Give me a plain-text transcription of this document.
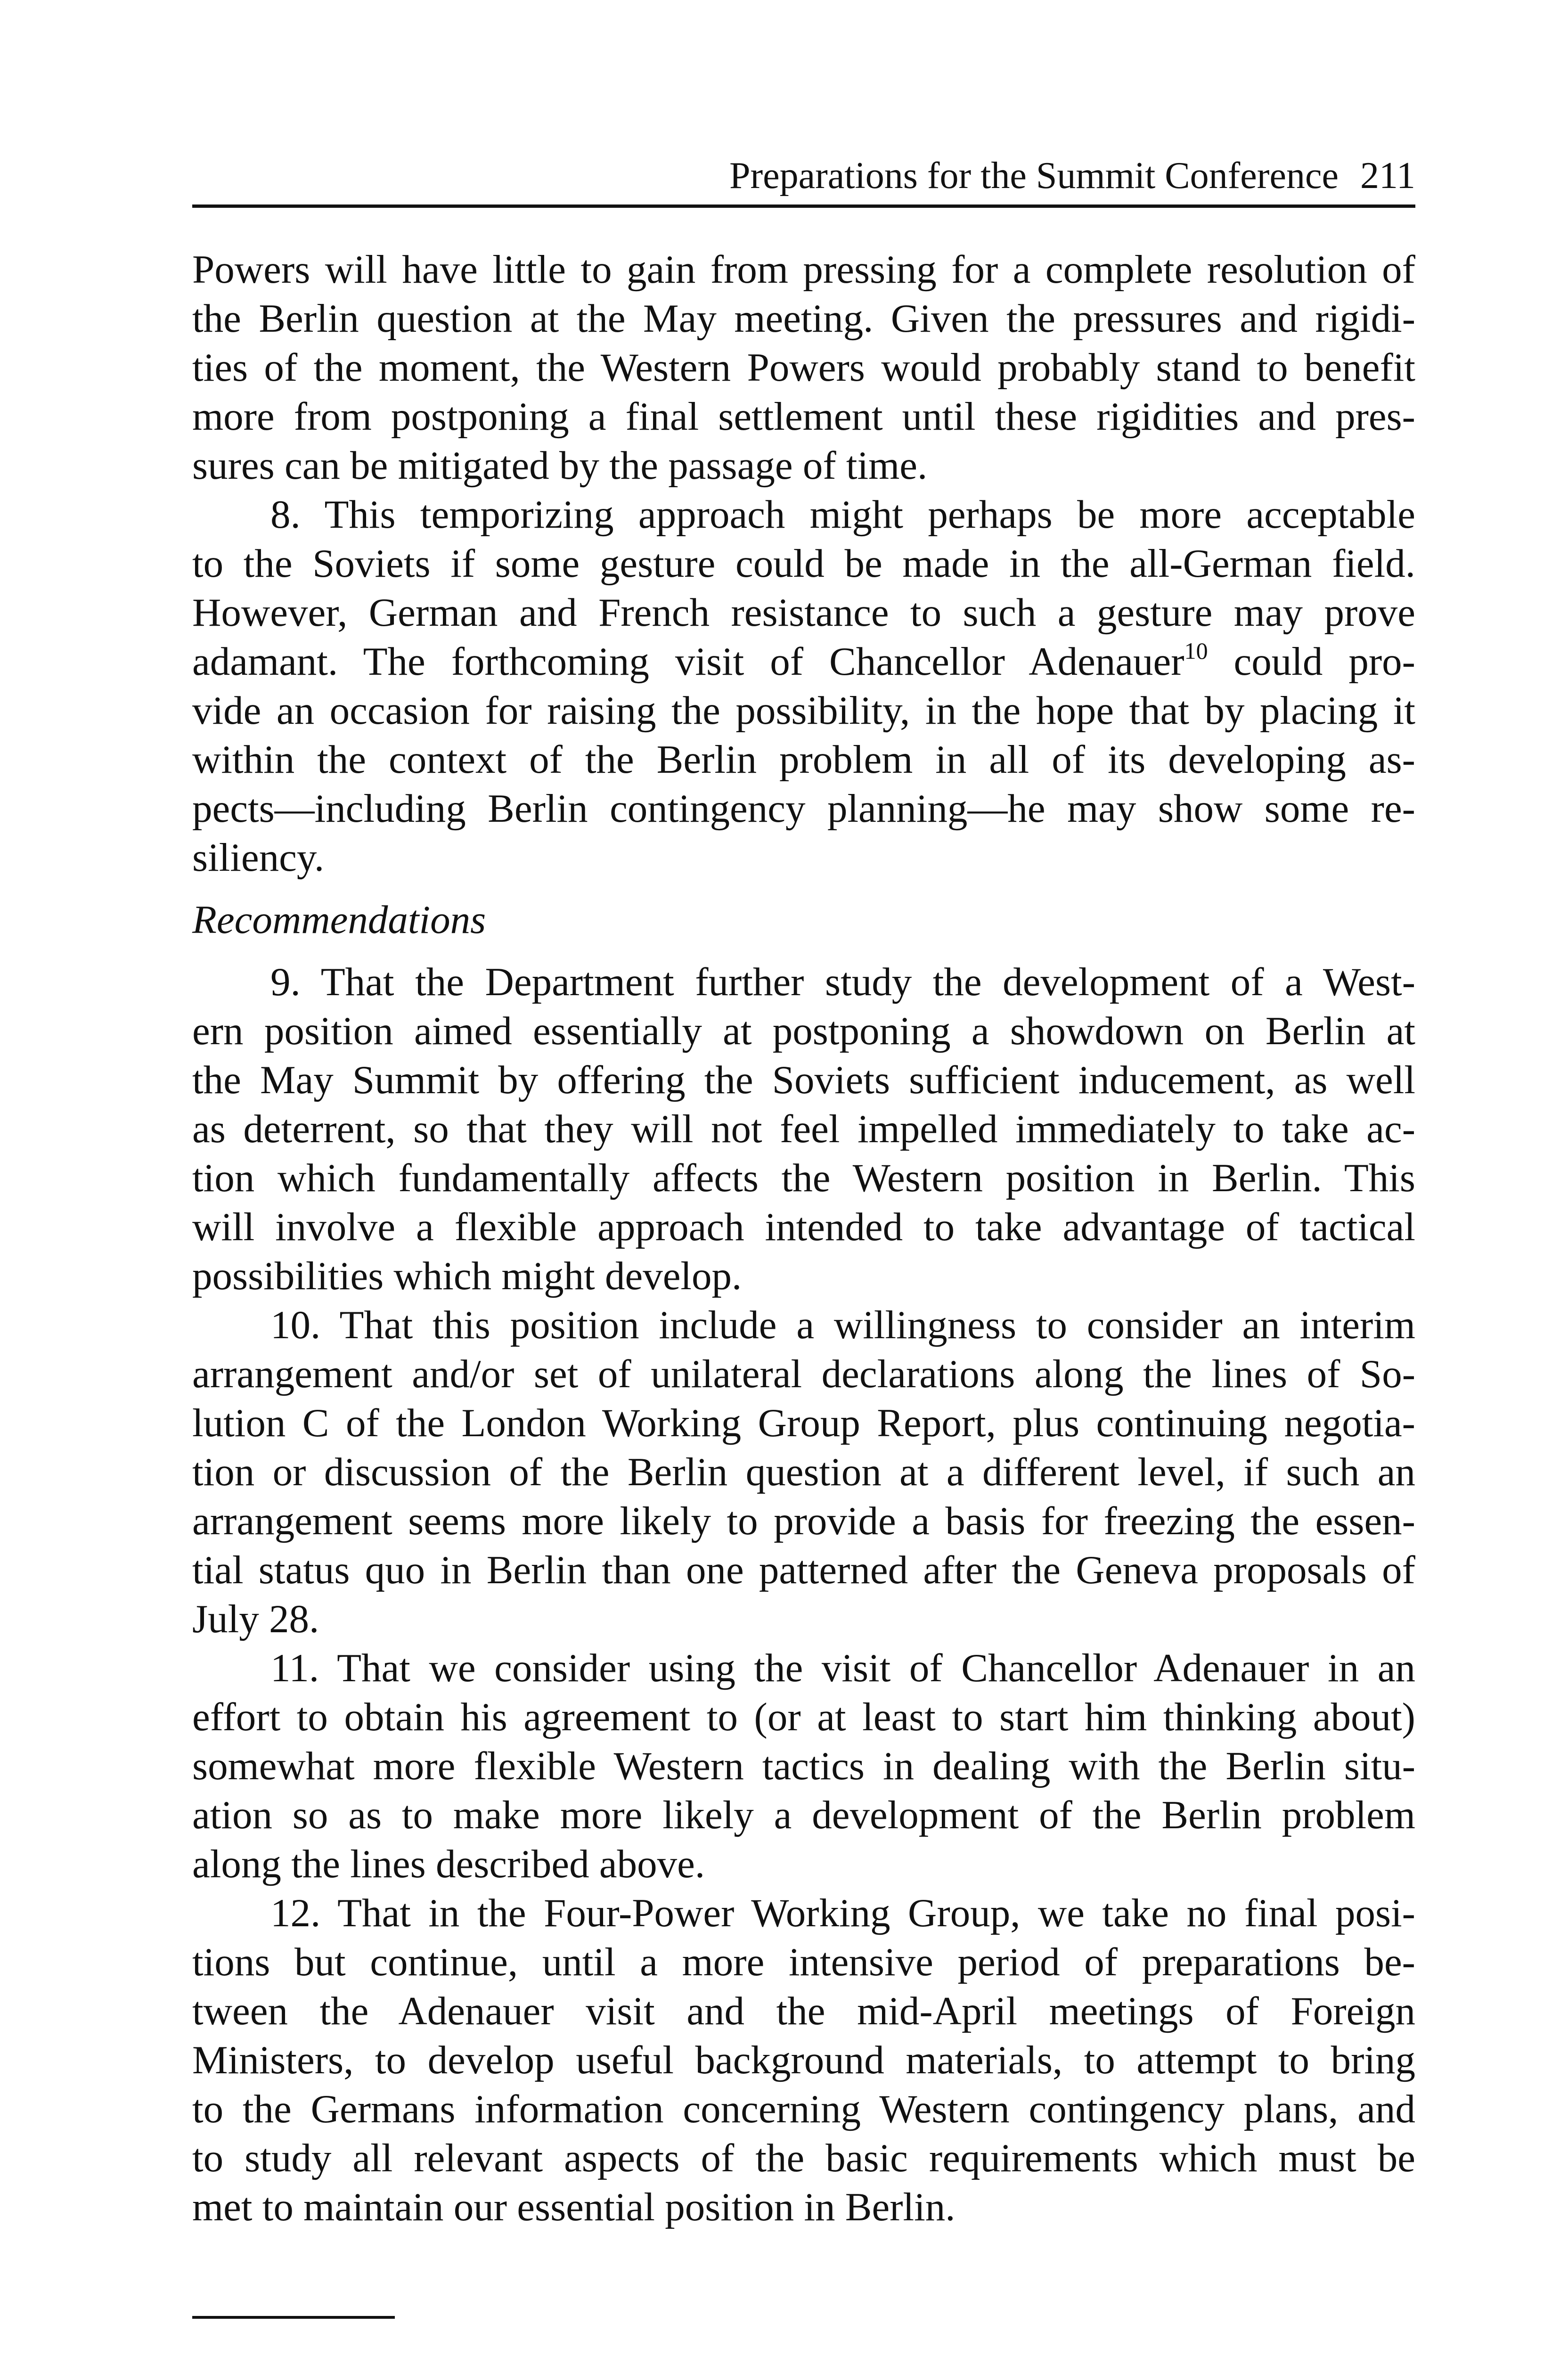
Preparations for the Summit Conference 211
Powers will have little to gain from pressing for a complete resolution of
the Berlin question at the May meeting. Given the pressures and rigidi-
ties of the moment, the Western Powers would probably stand to benefit
more from postponing a final settlement until these rigidities and pres-
sures can be mitigated by the passage of time.
8. This temporizing approach might perhaps be more acceptable
to the Soviets if some gesture could be made in the all-German field.
However, German and French resistance to such a gesture may prove
adamant. The forthcoming visit of Chancellor Adenauer$^{10}$ could pro-
vide an occasion for raising the possibility, in the hope that by placing it
within the context of the Berlin problem in all of its developing as-
pects—including Berlin contingency planning—he may show some re-
siliency.
Recommendations
9. That the Department further study the development of a West-
ern position aimed essentially at postponing a showdown on Berlin at
the May Summit by offering the Soviets sufficient inducement, as well
as deterrent, so that they will not feel impelled immediately to take ac-
tion which fundamentally affects the Western position in Berlin. This
will involve a flexible approach intended to take advantage of tactical
possibilities which might develop.
10. That this position include a willingness to consider an interim
arrangement and/or set of unilateral declarations along the lines of So-
lution C of the London Working Group Report, plus continuing negotia-
tion or discussion of the Berlin question at a different level, if such an
arrangement seems more likely to provide a basis for freezing the essen-
tial status quo in Berlin than one patterned after the Geneva proposals of
July 28.
11. That we consider using the visit of Chancellor Adenauer in an
effort to obtain his agreement to (or at least to start him thinking about)
somewhat more flexible Western tactics in dealing with the Berlin situ-
ation so as to make more likely a development of the Berlin problem
along the lines described above.
12. That in the Four-Power Working Group, we take no final posi-
tions but continue, until a more intensive period of preparations be-
tween the Adenauer visit and the mid-April meetings of Foreign
Ministers, to develop useful background materials, to attempt to bring
to the Germans information concerning Western contingency plans, and
to study all relevant aspects of the basic requirements which must be
met to maintain our essential position in Berlin.
